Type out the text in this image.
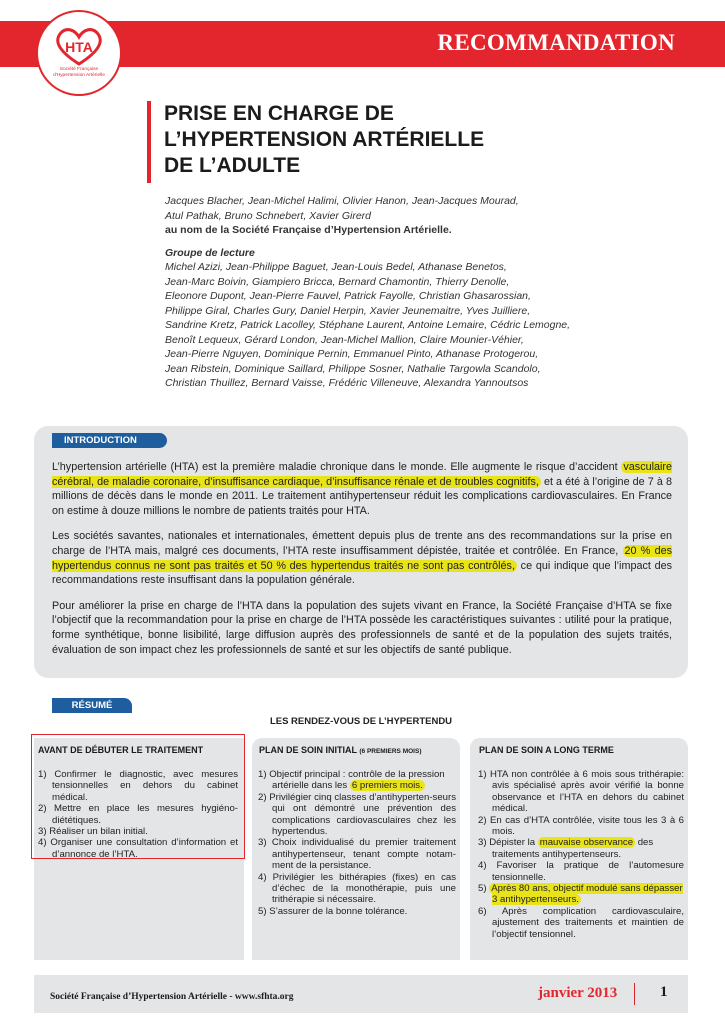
HTA
Société Française
d'Hypertension Artérielle
RECOMMANDATION
PRISE EN CHARGE DE
L’HYPERTENSION ARTÉRIELLE
DE L’ADULTE
Jacques Blacher, Jean-Michel Halimi, Olivier Hanon, Jean-Jacques Mourad,
Atul Pathak, Bruno Schnebert, Xavier Girerd
au nom de la Société Française d’Hypertension Artérielle.
Groupe de lecture
Michel Azizi, Jean-Philippe Baguet, Jean-Louis Bedel, Athanase Benetos,
Jean-Marc Boivin, Giampiero Bricca, Bernard Chamontin, Thierry Denolle,
Eleonore Dupont, Jean-Pierre Fauvel, Patrick Fayolle, Christian Ghasarossian,
Philippe Giral, Charles Gury, Daniel Herpin, Xavier Jeunemaitre, Yves Juilliere,
Sandrine Kretz, Patrick Lacolley, Stéphane Laurent, Antoine Lemaire, Cédric Lemogne,
Benoît Lequeux, Gérard London, Jean-Michel Mallion, Claire Mounier-Véhier,
Jean-Pierre Nguyen, Dominique Pernin, Emmanuel Pinto, Athanase Protogerou,
Jean Ribstein, Dominique Saillard, Philippe Sosner, Nathalie Targowla Scandolo,
Christian Thuillez, Bernard Vaisse, Frédéric Villeneuve, Alexandra Yannoutsos
INTRODUCTION

L’hypertension artérielle (HTA) est la première maladie chronique dans le monde. Elle augmente le risque d’accident vasculaire cérébral, de maladie coronaire, d’insuffisance cardiaque, d’insuffisance rénale et de troubles cognitifs, et a été à l’origine de 7 à 8 millions de décès dans le monde en 2011. Le traitement antihypertenseur réduit les complications cardiovasculaires. En France on estime à douze millions le nombre de patients traités pour HTA.

Les sociétés savantes, nationales et internationales, émettent depuis plus de trente ans des recommandations sur la prise en charge de l’HTA mais, malgré ces documents, l’HTA reste insuffisamment dépistée, traitée et contrôlée. En France, 20 % des hypertendus connus ne sont pas traités et 50 % des hypertendus traités ne sont pas contrôlés, ce qui indique que l’impact des recommandations reste insuffisant dans la population générale.

Pour améliorer la prise en charge de l’HTA dans la population des sujets vivant en France, la Société Française d’HTA se fixe l’objectif que la recommandation pour la prise en charge de l’HTA possède les caractéristiques suivantes : utilité pour la pratique, forme synthétique, bonne lisibilité, large diffusion auprès des professionnels de santé et de la population des sujets traités, évaluation de son impact chez les professionnels de santé et sur les objectifs de santé publique.

RÉSUMÉ
LES RENDEZ-VOUS DE L’HYPERTENDU
AVANT DE DÉBUTER LE TRAITEMENT
1) Confirmer le diagnostic, avec mesures tensionnelles en dehors du cabinet médical.
2) Mettre en place les mesures hygiéno-diététiques.
3) Réaliser un bilan initial.
4) Organiser une consultation d’information et d’annonce de l’HTA.
PLAN DE SOIN INITIAL (6 PREMIERS MOIS)
1) Objectif principal : contrôle de la pression artérielle dans les 6 premiers mois.
2) Privilégier cinq classes d’antihyperten-seurs qui ont démontré une prévention des complications cardiovasculaires chez les hypertendus.
3) Choix individualisé du premier traitement antihypertenseur, tenant compte notam-ment de la persistance.
4) Privilégier les bithérapies (fixes) en cas d’échec de la monothérapie, puis une trithérapie si nécessaire.
5) S’assurer de la bonne tolérance.
PLAN DE SOIN A LONG TERME
1) HTA non contrôlée à 6 mois sous trithérapie: avis spécialisé après avoir vérifié la bonne observance et l’HTA en dehors du cabinet médical.
2) En cas d’HTA contrôlée, visite tous les 3 à 6 mois.
3) Dépister la mauvaise observance des traitements antihypertenseurs.
4) Favoriser la pratique de l’automesure tensionnelle.
5) Après 80 ans, objectif modulé sans dépasser 3 antihypertenseurs.
6) Après complication cardiovasculaire, ajustement des traitements et maintien de l’objectif tensionnel.
Société Française d’Hypertension Artérielle - www.sfhta.org	janvier 2013	1
